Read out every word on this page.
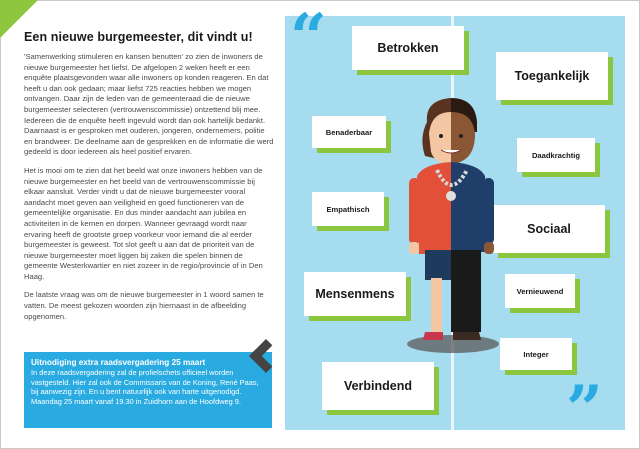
Een nieuwe burgemeester, dit vindt u!

'Samenwerking stimuleren en kansen benutten' zo zien de inwoners de nieuwe burgemeester het liefst. De afgelopen 2 weken heeft er een enquête plaatsgevonden waar alle inwoners op konden reageren. En dat heeft u dan ook gedaan; maar liefst 725 reacties hebben we mogen ontvangen. Daar zijn de leden van de gemeenteraad die de nieuwe burgemeester selecteren (vertrouwenscommissie) ontzettend blij mee. Iedereen die de enquête heeft ingevuld wordt dan ook hartelijk bedankt. Daarnaast is er gesproken met ouderen, jongeren, ondernemers, politie en brandweer. De deelname aan de gesprekken en de informatie die werd gedeeld is door iedereen als heel positief ervaren.

Het is mooi om te zien dat het beeld wat onze inwoners hebben van de nieuwe burgemeester en het beeld van de vertrouwenscommissie bij elkaar aansluit. Verder vindt u dat de nieuwe burgemeester vooral aandacht moet geven aan veiligheid en goed functioneren van de gemeentelijke organisatie. En dus minder aandacht aan jubilea en activiteiten in de kernen en dorpen. Wanneer gevraagd wordt naar ervaring heeft de grootste groep voorkeur voor iemand die al eerder burgemeester is geweest. Tot slot geeft u aan dat de prioriteit van de nieuwe burgemeester moet liggen bij zaken die spelen binnen de gemeente Westerkwartier en niet zozeer in de regio/provincie of in Den Haag.

De laatste vraag was om de nieuwe burgemeester in 1 woord samen te vatten. De meest gekozen woorden zijn hiernaast in de afbeelding opgenomen.

Uitnodiging extra raadsvergadering 25 maart
In deze raadsvergadering zal de profielschets officieel worden vastgesteld. Hier zal ook de Commissaris van de Koning, René Paas, bij aanwezig zijn. En u bent natuurlijk ook van harte uitgenodigd. Maandag 25 maart vanaf 19.30 in Zuidhorn aan de Hoofdweg 9.
“
”
Betrokken
Toegankelijk
Benaderbaar
Daadkrachtig
Empathisch
Sociaal
Vernieuwend
Mensenmens
Integer
Verbindend
